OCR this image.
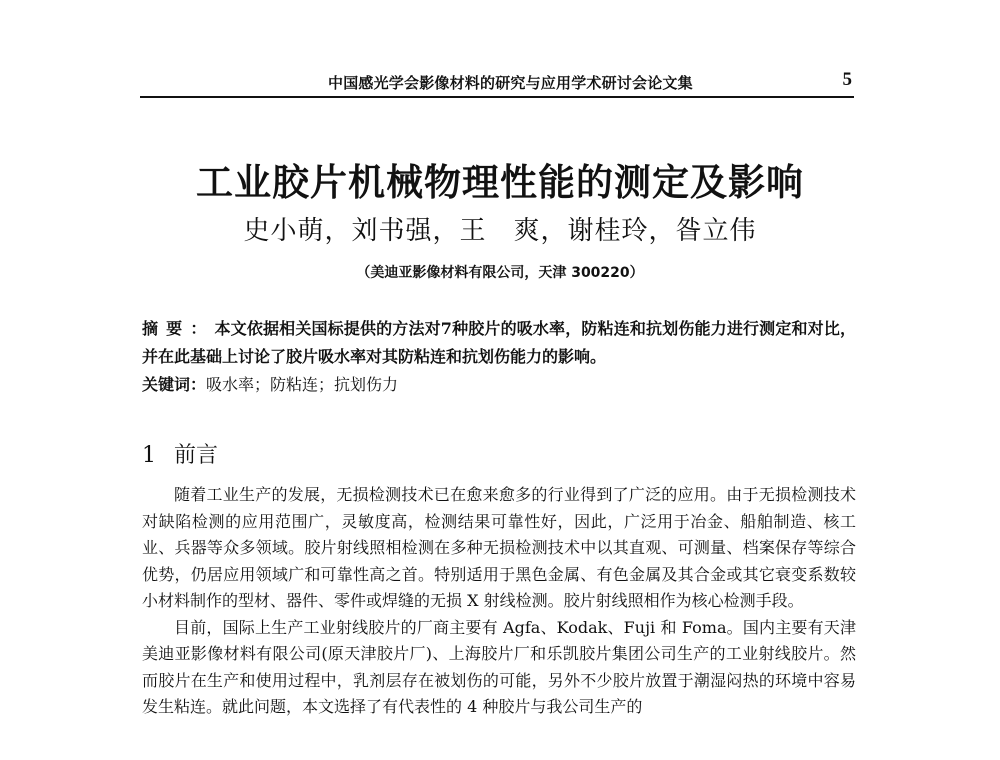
中国感光学会影像材料的研究与应用学术研讨会论文集	5
工业胶片机械物理性能的测定及影响
史小萌，刘书强，王　爽，谢桂玲，昝立伟
（美迪亚影像材料有限公司，天津 300220）
摘要：本文依据相关国标提供的方法对7种胶片的吸水率，防粘连和抗划伤能力进行测定和对比，并在此基础上讨论了胶片吸水率对其防粘连和抗划伤能力的影响。
关键词：吸水率；防粘连；抗划伤力
1 前言

随着工业生产的发展，无损检测技术已在愈来愈多的行业得到了广泛的应用。由于无损检测技术对缺陷检测的应用范围广，灵敏度高，检测结果可靠性好，因此，广泛用于冶金、船舶制造、核工业、兵器等众多领域。胶片射线照相检测在多种无损检测技术中以其直观、可测量、档案保存等综合优势，仍居应用领域广和可靠性高之首。特别适用于黑色金属、有色金属及其合金或其它衰变系数较小材料制作的型材、器件、零件或焊缝的无损 X 射线检测。胶片射线照相作为核心检测手段。

目前，国际上生产工业射线胶片的厂商主要有 Agfa、Kodak、Fuji 和 Foma。国内主要有天津美迪亚影像材料有限公司(原天津胶片厂)、上海胶片厂和乐凯胶片集团公司生产的工业射线胶片。然而胶片在生产和使用过程中，乳剂层存在被划伤的可能，另外不少胶片放置于潮湿闷热的环境中容易发生粘连。就此问题，本文选择了有代表性的 4 种胶片与我公司生产的
